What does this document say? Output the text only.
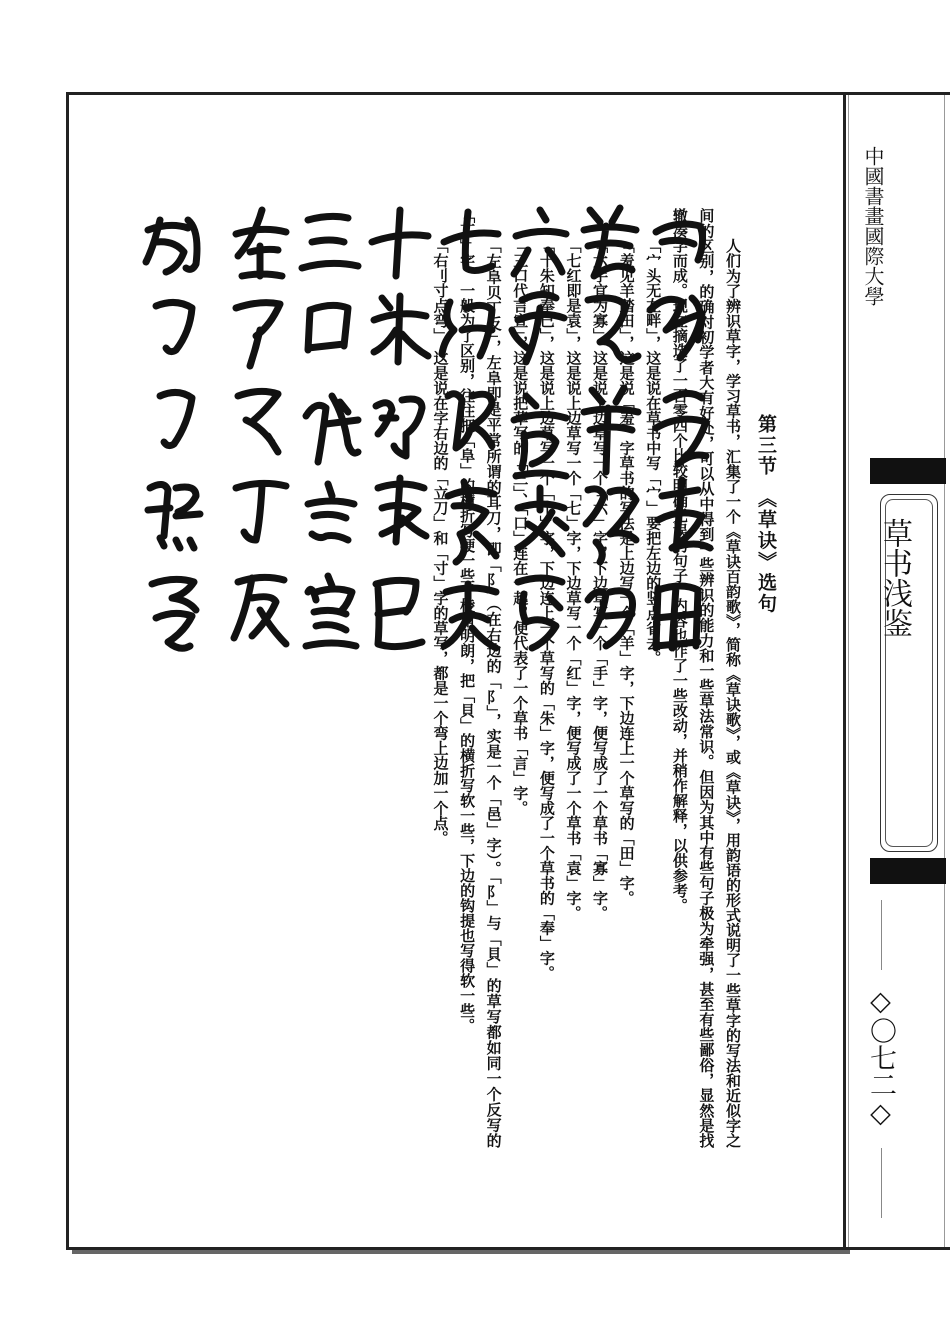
中國書畫國際大學
草书浅鉴
◇〇七二◇

第三节　《草诀》选句

人们为了辨识草字，学习草书，汇集了一个《草诀百韵歌》，简称《草诀歌》，或《草诀》，用韵语的形式说明了一些草字的写法和近似字之间的区别，的确对初学者大有好处，可以从中得到一些辨识的能力和一些草法常识。但因为其中有些句子极为牵强，甚至有些鄙俗，显然是找辙凑字而成。现在摘选了一百零四个比较明确无误的句子，内容也作了一些改动，并稍作解释，以供参考。

「宀头无左畔」，这是说在草书中写「宀」要把左边的竖点省去。

「羞见羊踏田」，这是说「羞」字草书的写法是上边写一个「羊」字，下边连上一个草写的「田」字。

「六手宜为寡」，这是说上边草写一个「六」字，下边草写一个「手」字，便写成了一个草书「寡」字。

「七红即是袁」，这是说上边草写一个「七」字，下边草写一个「红」字，便写成了一个草书「袁」字。

「十朱知奉已」，这是说上边草写一个「十」字，下边连上一个草写的「朱」字，便写成了一个草书的「奉」字。

「三口代言宣」，这是说把草写的「三」、「口」连在一起，便代表了一个草书「言」字。

「左阜贝丁反」，左阜即是平常所谓的耳刀，即「阝」（在右边的「阝」，实是一个「邑」字）。「阝」与「貝」的草写都如同一个反写的「丁」字。一般为了区别，往往把「阜」的横折写硬一些，棱角明朗，把「貝」的横折写软一些，下边的钩提也写得软一些。

「右刂寸点弯」，这是说在字右边的「立刀」和「寸」字的草写，都是一个弯上边加一个点。
